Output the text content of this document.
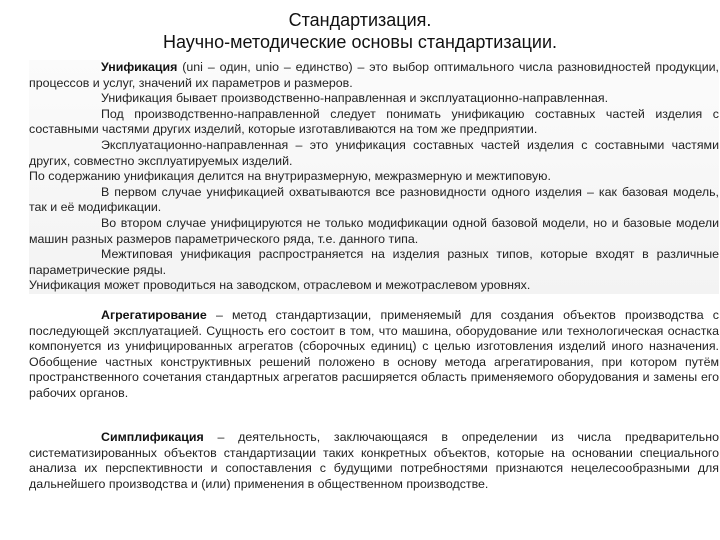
Стандартизация.
Научно-методические основы стандартизации.

Унификация (uni – один, unio – единство) – это выбор оптимального числа разновидностей продукции, процессов и услуг, значений их параметров и размеров.

Унификация бывает производственно-направленная и эксплуатационно-направленная.

Под производственно-направленной следует понимать унификацию составных частей изделия с составными частями других изделий, которые изготавливаются на том же предприятии.

Эксплуатационно-направленная – это унификация составных частей изделия с составными частями других, совместно эксплуатируемых изделий.

По содержанию унификация делится на внутриразмерную, межразмерную и межтиповую.

В первом случае унификацией охватываются все разновидности одного изделия – как базовая модель, так и её модификации.

Во втором случае унифицируются не только модификации одной базовой модели, но и базовые модели машин разных размеров параметрического ряда, т.е. данного типа.

Межтиповая унификация распространяется на изделия разных типов, которые входят в различные параметрические ряды.

Унификация может проводиться на заводском, отраслевом и межотраслевом уровнях.

Агрегатирование – метод стандартизации, применяемый для создания объектов производства с последующей эксплуатацией. Сущность его состоит в том, что машина, оборудование или технологическая оснастка компонуется из унифицированных агрегатов (сборочных единиц) с целью изготовления изделий иного назначения. Обобщение частных конструктивных решений положено в основу метода агрегатирования, при котором путём пространственного сочетания стандартных агрегатов расширяется область применяемого оборудования и замены его рабочих органов.

Симплификация – деятельность, заключающаяся в определении из числа предварительно систематизированных объектов стандартизации таких конкретных объектов, которые на основании специального анализа их перспективности и сопоставления с будущими потребностями признаются нецелесообразными для дальнейшего производства и (или) применения в общественном производстве.
